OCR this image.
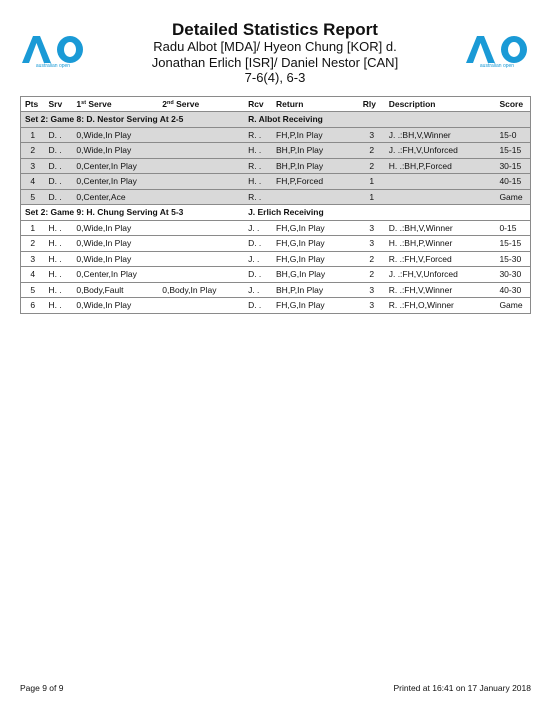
australian open	australian open
Detailed Statistics Report
Radu Albot [MDA]/ Hyeon Chung [KOR] d.
Jonathan Erlich [ISR]/ Daniel Nestor [CAN]
7-6(4), 6-3
Pts	Srv	1st Serve	2nd Serve	Rcv	Return	Rly	Description	Score
Set 2: Game 8: D. Nestor Serving At 2-5				R. Albot Receiving				
1	D. .	0,Wide,In Play		R. .	FH,P,In Play	3	J. .:BH,V,Winner	15-0
2	D. .	0,Wide,In Play		H. .	BH,P,In Play	2	J. .:FH,V,Unforced	15-15
3	D. .	0,Center,In Play		R. .	BH,P,In Play	2	H. .:BH,P,Forced	30-15
4	D. .	0,Center,In Play		H. .	FH,P,Forced	1		40-15
5	D. .	0,Center,Ace		R. .		1		Game
Set 2: Game 9: H. Chung Serving At 5-3				J. Erlich Receiving				
1	H. .	0,Wide,In Play		J. .	FH,G,In Play	3	D. .:BH,V,Winner	0-15
2	H. .	0,Wide,In Play		D. .	FH,G,In Play	3	H. .:BH,P,Winner	15-15
3	H. .	0,Wide,In Play		J. .	FH,G,In Play	2	R. .:FH,V,Forced	15-30
4	H. .	0,Center,In Play		D. .	BH,G,In Play	2	J. .:FH,V,Unforced	30-30
5	H. .	0,Body,Fault	0,Body,In Play	J. .	BH,P,In Play	3	R. .:FH,V,Winner	40-30
6	H. .	0,Wide,In Play		D. .	FH,G,In Play	3	R. .:FH,O,Winner	Game
Page 9 of 9	Printed at 16:41 on 17 January 2018
